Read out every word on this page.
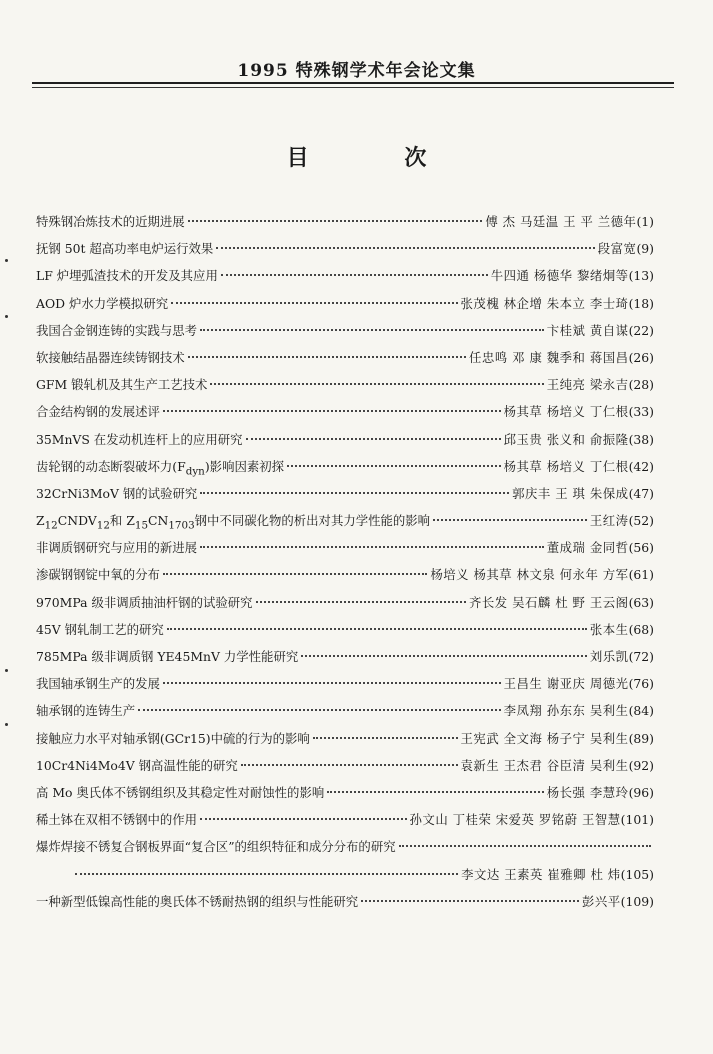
1995 特殊钢学术年会论文集
目 次
特殊钢冶炼技术的近期进展	傅 杰 马廷温 王 平 兰德年 (1)
抚钢 50t 超高功率电炉运行效果	段富宽 (9)
LF 炉埋弧渣技术的开发及其应用	牛四通 杨德华 黎绪炯等 (13)
AOD 炉水力学模拟研究	张茂槐 林企增 朱本立 李士琦 (18)
我国合金钢连铸的实践与思考	卞桂斌 黄自谋 (22)
软接触结晶器连续铸钢技术	任忠鸣 邓 康 魏季和 蒋国昌 (26)
GFM 锻轧机及其生产工艺技术	王纯亮 梁永吉 (28)
合金结构钢的发展述评	杨其草 杨培义 丁仁根 (33)
35MnVS 在发动机连杆上的应用研究	邱玉贵 张义和 俞振隆 (38)
齿轮钢的动态断裂破坏力$(F_{dyn})$影响因素初探	杨其草 杨培义 丁仁根 (42)
32CrNi3MoV 钢的试验研究	郭庆丰 王 琪 朱保成 (47)
$Z_{12}CNDV_{12}$和 $Z_{15}CN_{1703}$钢中不同碳化物的析出对其力学性能的影响	王红涛 (52)
非调质钢研究与应用的新进展	董成瑞 金同哲 (56)
渗碳钢钢锭中氧的分布	杨培义 杨其草 林文泉 何永年 方军 (61)
970MPa 级非调质抽油杆钢的试验研究	齐长发 吴石麟 杜 野 王云阁 (63)
45V 钢轧制工艺的研究	张本生 (68)
785MPa 级非调质钢 YE45MnV 力学性能研究	刘乐凯 (72)
我国轴承钢生产的发展	王昌生 谢亚庆 周德光 (76)
轴承钢的连铸生产	李凤翔 孙东东 吴利生 (84)
接触应力水平对轴承钢(GCr15)中硫的行为的影响	王宪武 全文海 杨子宁 吴利生 (89)
10Cr4Ni4Mo4V 钢高温性能的研究	袁新生 王杰君 谷臣清 吴利生 (92)
高 Mo 奥氏体不锈钢组织及其稳定性对耐蚀性的影响	杨长强 李慧玲 (96)
稀土钵在双相不锈钢中的作用	孙文山 丁桂荣 宋爱英 罗铭蔚 王智慧 (101)
爆炸焊接不锈复合钢板界面“复合区”的组织特征和成分分布的研究
李文达 王素英 崔雅卿 杜 炜 (105)
一种新型低镍高性能的奥氏体不锈耐热钢的组织与性能研究	彭兴平 (109)
